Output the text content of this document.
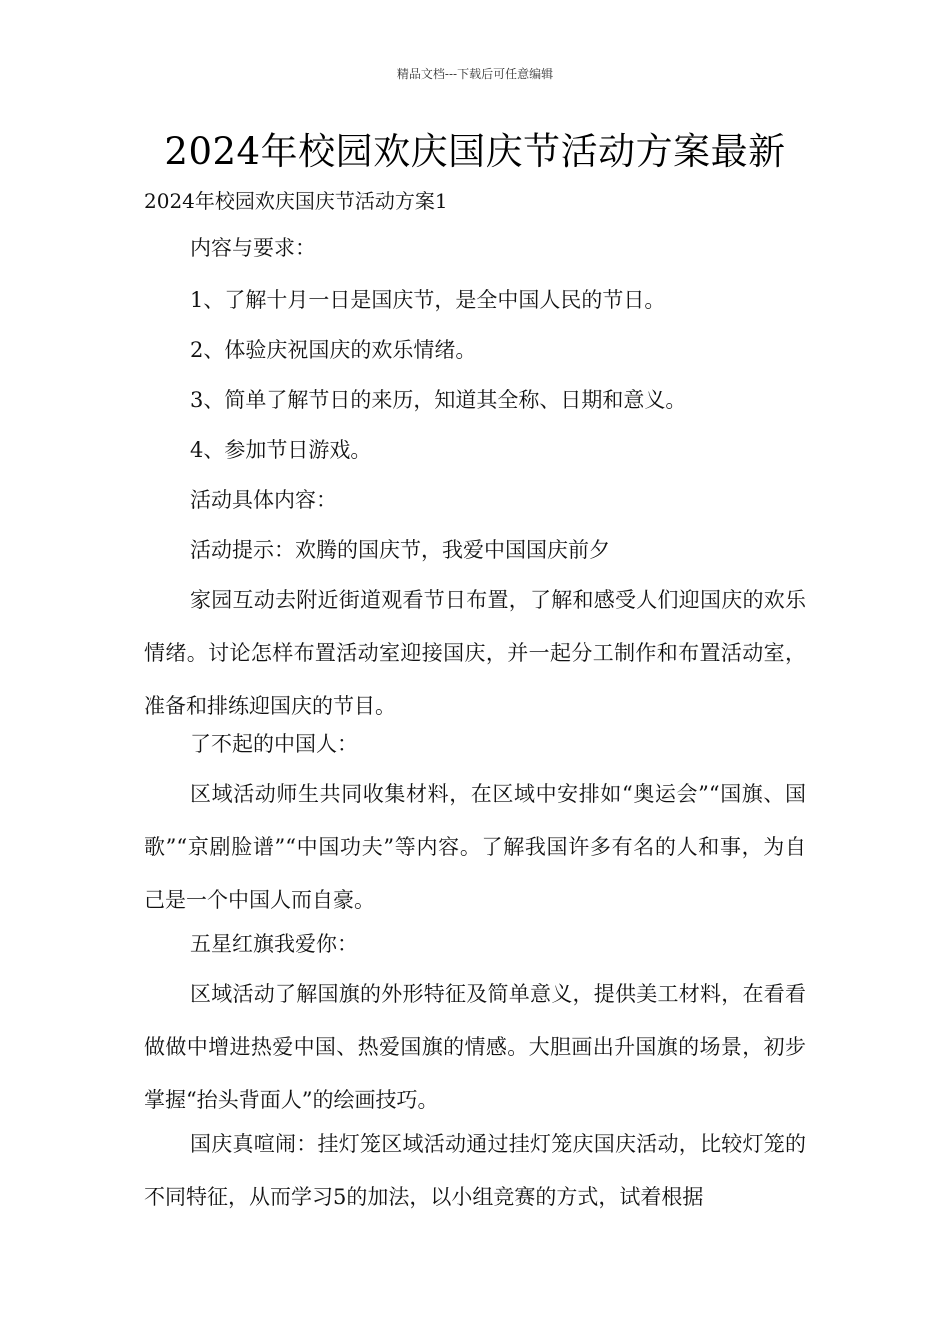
精品文档---下载后可任意编辑
2024年校园欢庆国庆节活动方案最新
2024年校园欢庆国庆节活动方案1

内容与要求：

1、了解十月一日是国庆节，是全中国人民的节日。

2、体验庆祝国庆的欢乐情绪。

3、简单了解节日的来历，知道其全称、日期和意义。

4、参加节日游戏。

活动具体内容：

活动提示：欢腾的国庆节，我爱中国国庆前夕

家园互动去附近街道观看节日布置，了解和感受人们迎国庆的欢乐情绪。讨论怎样布置活动室迎接国庆，并一起分工制作和布置活动室，准备和排练迎国庆的节目。

了不起的中国人：

区域活动师生共同收集材料，在区域中安排如“奥运会”“国旗、国歌”“京剧脸谱”“中国功夫”等内容。了解我国许多有名的人和事，为自己是一个中国人而自豪。

五星红旗我爱你：

区域活动了解国旗的外形特征及简单意义，提供美工材料，在看看做做中增进热爱中国、热爱国旗的情感。大胆画出升国旗的场景，初步掌握“抬头背面人”的绘画技巧。

国庆真喧闹：挂灯笼区域活动通过挂灯笼庆国庆活动，比较灯笼的不同特征，从而学习5的加法，以小组竞赛的方式，试着根据
